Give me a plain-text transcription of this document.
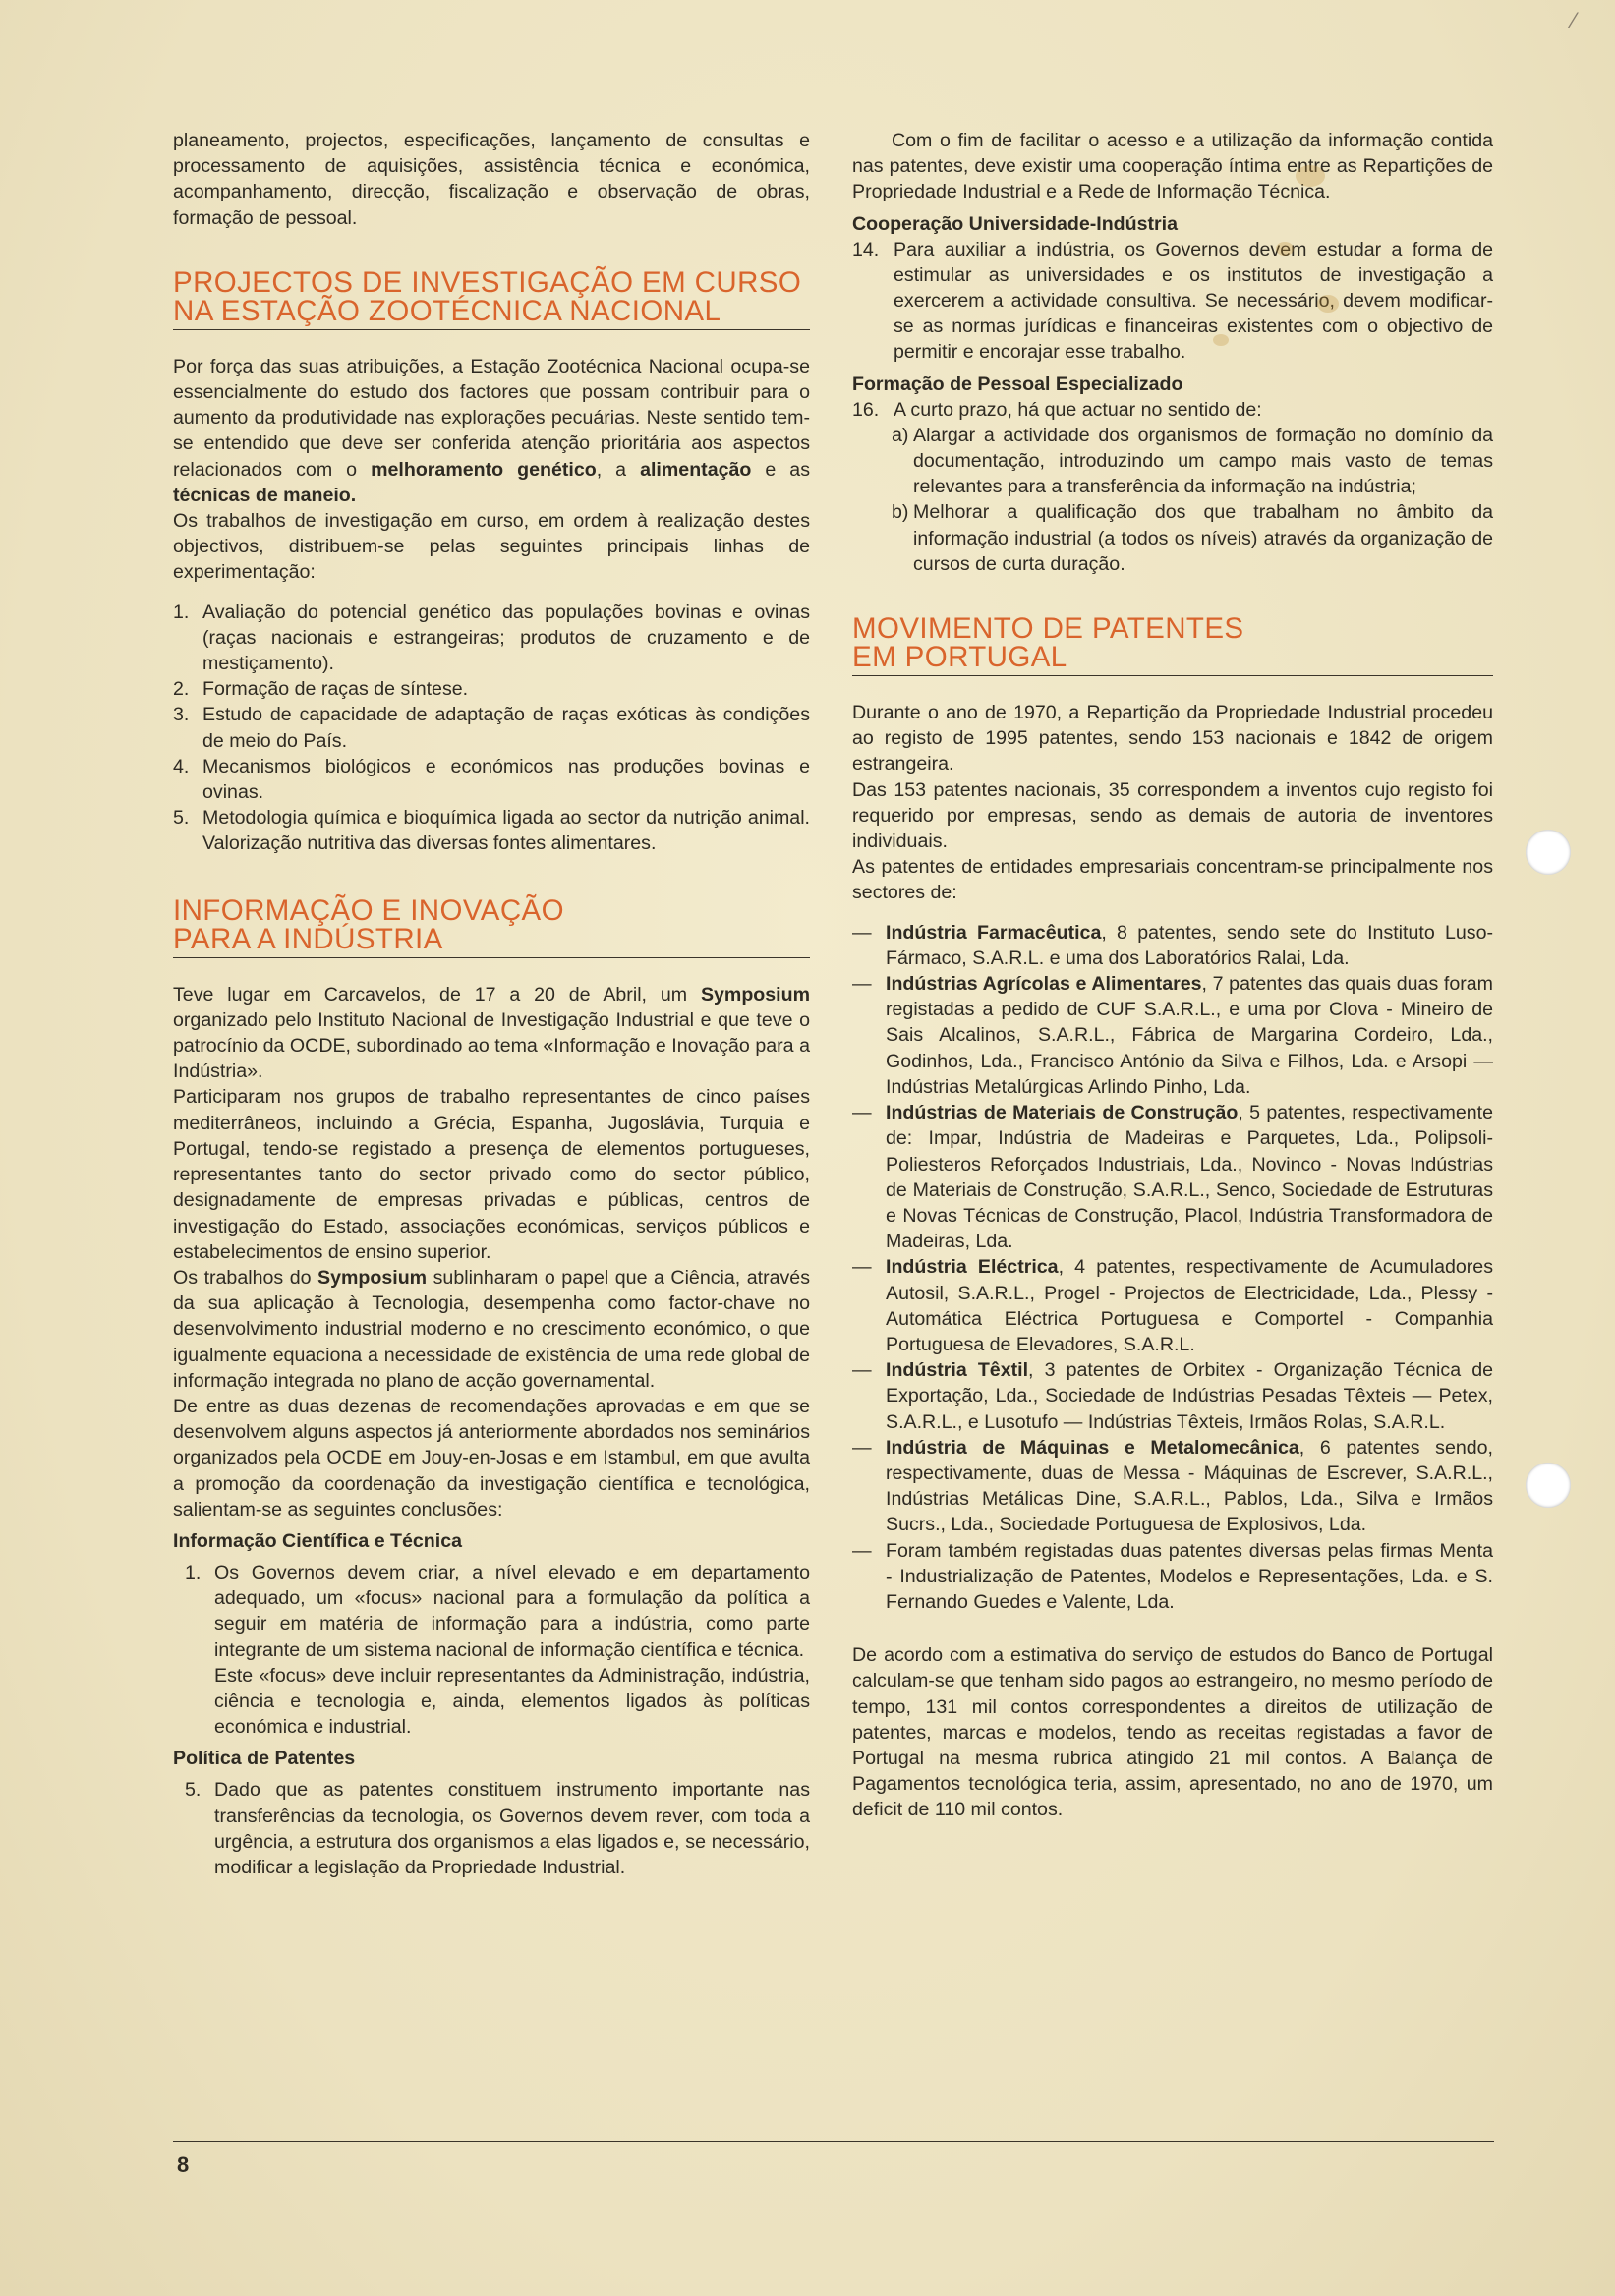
⁄

planeamento, projectos, especificações, lançamento de consultas e processamento de aquisições, assistência técnica e económica, acompanhamento, direcção, fiscalização e observação de obras, formação de pessoal.

PROJECTOS DE INVESTIGAÇÃO EM CURSO
NA ESTAÇÃO ZOOTÉCNICA NACIONAL

Por força das suas atribuições, a Estação Zootécnica Nacional ocupa-se essencialmente do estudo dos factores que possam contribuir para o aumento da produtividade nas explorações pecuárias. Neste sentido tem-se entendido que deve ser conferida atenção prioritária aos aspectos relacionados com o melhoramento genético, a alimentação e as técnicas de maneio.

Os trabalhos de investigação em curso, em ordem à realização destes objectivos, distribuem-se pelas seguintes principais linhas de experimentação:

1. Avaliação do potencial genético das populações bovinas e ovinas (raças nacionais e estrangeiras; produtos de cruzamento e de mestiçamento).
2. Formação de raças de síntese.
3. Estudo de capacidade de adaptação de raças exóticas às condições de meio do País.
4. Mecanismos biológicos e económicos nas produções bovinas e ovinas.
5. Metodologia química e bioquímica ligada ao sector da nutrição animal. Valorização nutritiva das diversas fontes alimentares.
INFORMAÇÃO E INOVAÇÃO
PARA A INDÚSTRIA

Teve lugar em Carcavelos, de 17 a 20 de Abril, um Symposium organizado pelo Instituto Nacional de Investigação Industrial e que teve o patrocínio da OCDE, subordinado ao tema «Informação e Inovação para a Indústria».

Participaram nos grupos de trabalho representantes de cinco países mediterrâneos, incluindo a Grécia, Espanha, Jugoslávia, Turquia e Portugal, tendo-se registado a presença de elementos portugueses, representantes tanto do sector privado como do sector público, designadamente de empresas privadas e públicas, centros de investigação do Estado, associações económicas, serviços públicos e estabelecimentos de ensino superior.

Os trabalhos do Symposium sublinharam o papel que a Ciência, através da sua aplicação à Tecnologia, desempenha como factor-chave no desenvolvimento industrial moderno e no crescimento económico, o que igualmente equaciona a necessidade de existência de uma rede global de informação integrada no plano de acção governamental.

De entre as duas dezenas de recomendações aprovadas e em que se desenvolvem alguns aspectos já anteriormente abordados nos seminários organizados pela OCDE em Jouy-en-Josas e em Istambul, em que avulta a promoção da coordenação da investigação científica e tecnológica, salientam-se as seguintes conclusões:

Informação Científica e Técnica
1. Os Governos devem criar, a nível elevado e em departamento adequado, um «focus» nacional para a formulação da política a seguir em matéria de informação para a indústria, como parte integrante de um sistema nacional de informação científica e técnica.
Este «focus» deve incluir representantes da Administração, indústria, ciência e tecnologia e, ainda, elementos ligados às políticas económica e industrial.
Política de Patentes
5. Dado que as patentes constituem instrumento importante nas transferências da tecnologia, os Governos devem rever, com toda a urgência, a estrutura dos organismos a elas ligados e, se necessário, modificar a legislação da Propriedade Industrial.

Com o fim de facilitar o acesso e a utilização da informação contida nas patentes, deve existir uma cooperação íntima entre as Repartições de Propriedade Industrial e a Rede de Informação Técnica.

Cooperação Universidade-Indústria
14. Para auxiliar a indústria, os Governos devem estudar a forma de estimular as universidades e os institutos de investigação a exercerem a actividade consultiva. Se necessário, devem modificar-se as normas jurídicas e financeiras existentes com o objectivo de permitir e encorajar esse trabalho.
Formação de Pessoal Especializado
16. A curto prazo, há que actuar no sentido de:
a) Alargar a actividade dos organismos de formação no domínio da documentação, introduzindo um campo mais vasto de temas relevantes para a transferência da informação na indústria;
b) Melhorar a qualificação dos que trabalham no âmbito da informação industrial (a todos os níveis) através da organização de cursos de curta duração.
MOVIMENTO DE PATENTES
EM PORTUGAL

Durante o ano de 1970, a Repartição da Propriedade Industrial procedeu ao registo de 1995 patentes, sendo 153 nacionais e 1842 de origem estrangeira.

Das 153 patentes nacionais, 35 correspondem a inventos cujo registo foi requerido por empresas, sendo as demais de autoria de inventores individuais.

As patentes de entidades empresariais concentram-se principalmente nos sectores de:

— Indústria Farmacêutica, 8 patentes, sendo sete do Instituto Luso-Fármaco, S.A.R.L. e uma dos Laboratórios Ralai, Lda.
— Indústrias Agrícolas e Alimentares, 7 patentes das quais duas foram registadas a pedido de CUF S.A.R.L., e uma por Clova - Mineiro de Sais Alcalinos, S.A.R.L., Fábrica de Margarina Cordeiro, Lda., Godinhos, Lda., Francisco António da Silva e Filhos, Lda. e Arsopi — Indústrias Metalúrgicas Arlindo Pinho, Lda.
— Indústrias de Materiais de Construção, 5 patentes, respectivamente de: Impar, Indústria de Madeiras e Parquetes, Lda., Polipsoli-Poliesteros Reforçados Industriais, Lda., Novinco - Novas Indústrias de Materiais de Construção, S.A.R.L., Senco, Sociedade de Estruturas e Novas Técnicas de Construção, Placol, Indústria Transformadora de Madeiras, Lda.
— Indústria Eléctrica, 4 patentes, respectivamente de Acumuladores Autosil, S.A.R.L., Progel - Projectos de Electricidade, Lda., Plessy - Automática Eléctrica Portuguesa e Comportel - Companhia Portuguesa de Elevadores, S.A.R.L.
— Indústria Têxtil, 3 patentes de Orbitex - Organização Técnica de Exportação, Lda., Sociedade de Indústrias Pesadas Têxteis — Petex, S.A.R.L., e Lusotufo — Indústrias Têxteis, Irmãos Rolas, S.A.R.L.
— Indústria de Máquinas e Metalomecânica, 6 patentes sendo, respectivamente, duas de Messa - Máquinas de Escrever, S.A.R.L., Indústrias Metálicas Dine, S.A.R.L., Pablos, Lda., Silva e Irmãos Sucrs., Lda., Sociedade Portuguesa de Explosivos, Lda.
— Foram também registadas duas patentes diversas pelas firmas Menta - Industrialização de Patentes, Modelos e Representações, Lda. e S. Fernando Guedes e Valente, Lda.

De acordo com a estimativa do serviço de estudos do Banco de Portugal calculam-se que tenham sido pagos ao estrangeiro, no mesmo período de tempo, 131 mil contos correspondentes a direitos de utilização de patentes, marcas e modelos, tendo as receitas registadas a favor de Portugal na mesma rubrica atingido 21 mil contos. A Balança de Pagamentos tecnológica teria, assim, apresentado, no ano de 1970, um deficit de 110 mil contos.

8
